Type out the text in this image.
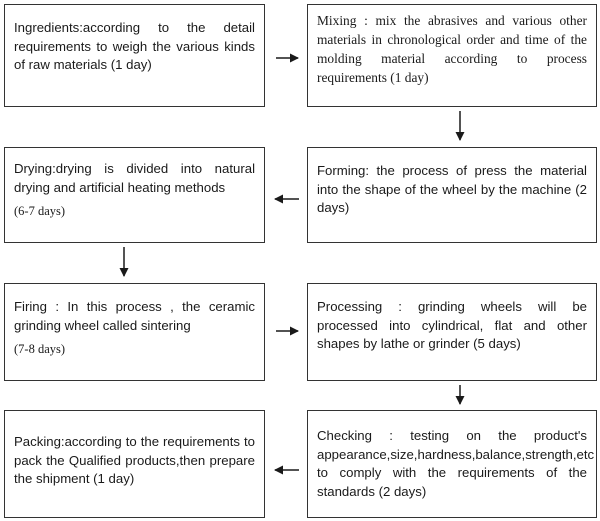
Ingredients:according to the detail requirements to weigh the various kinds of raw materials (1 day)
Mixing : mix the abrasives and various other materials in chronological order and time of the molding material according to process requirements (1 day)
Drying:drying is divided into natural drying and artificial heating methods
(6-7 days)
Forming: the process of press the material into the shape of the wheel by the machine (2 days)
Firing : In this process , the ceramic grinding wheel called sintering
(7-8 days)
Processing : grinding wheels will be processed into cylindrical, flat and other shapes by lathe or grinder (5 days)
Packing:according to the requirements to pack the Qualified products,then prepare the shipment (1 day)
Checking : testing on the product's appearance,size,hardness,balance,strength,etc to comply with the requirements of the standards (2 days)
